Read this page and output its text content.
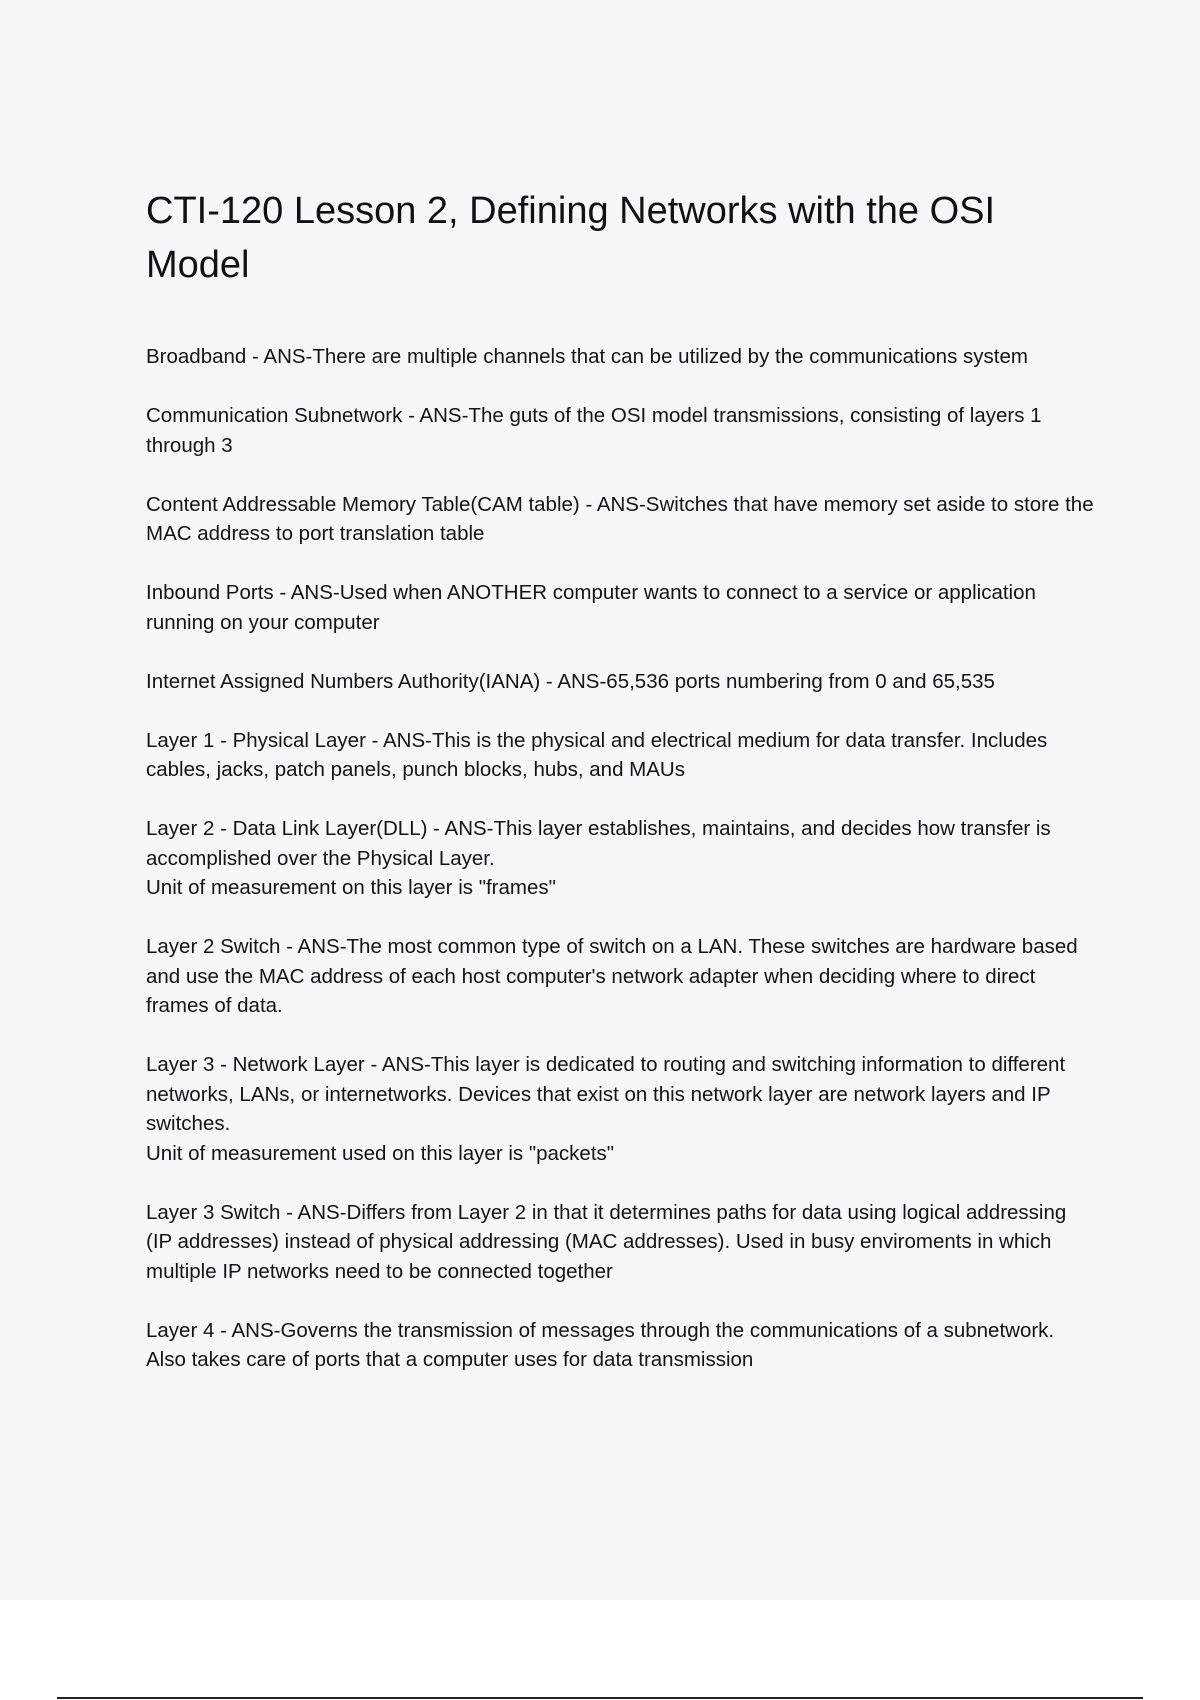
CTI-120 Lesson 2, Defining Networks with the OSI Model
Broadband - ANS-There are multiple channels that can be utilized by the communications system
Communication Subnetwork - ANS-The guts of the OSI model transmissions, consisting of layers 1 through 3
Content Addressable Memory Table(CAM table) - ANS-Switches that have memory set aside to store the MAC address to port translation table
Inbound Ports - ANS-Used when ANOTHER computer wants to connect to a service or application running on your computer
Internet Assigned Numbers Authority(IANA) - ANS-65,536 ports numbering from 0 and 65,535
Layer 1 - Physical Layer - ANS-This is the physical and electrical medium for data transfer. Includes cables, jacks, patch panels, punch blocks, hubs, and MAUs
Layer 2 - Data Link Layer(DLL) - ANS-This layer establishes, maintains, and decides how transfer is accomplished over the Physical Layer.
Unit of measurement on this layer is "frames"
Layer 2 Switch - ANS-The most common type of switch on a LAN. These switches are hardware based and use the MAC address of each host computer's network adapter when deciding where to direct frames of data.
Layer 3 - Network Layer - ANS-This layer is dedicated to routing and switching information to different networks, LANs, or internetworks. Devices that exist on this network layer are network layers and IP switches.
Unit of measurement used on this layer is "packets"
Layer 3 Switch - ANS-Differs from Layer 2 in that it determines paths for data using logical addressing (IP addresses) instead of physical addressing (MAC addresses). Used in busy enviroments in which multiple IP networks need to be connected together
Layer 4 - ANS-Governs the transmission of messages through the communications of a subnetwork. Also takes care of ports that a computer uses for data transmission
